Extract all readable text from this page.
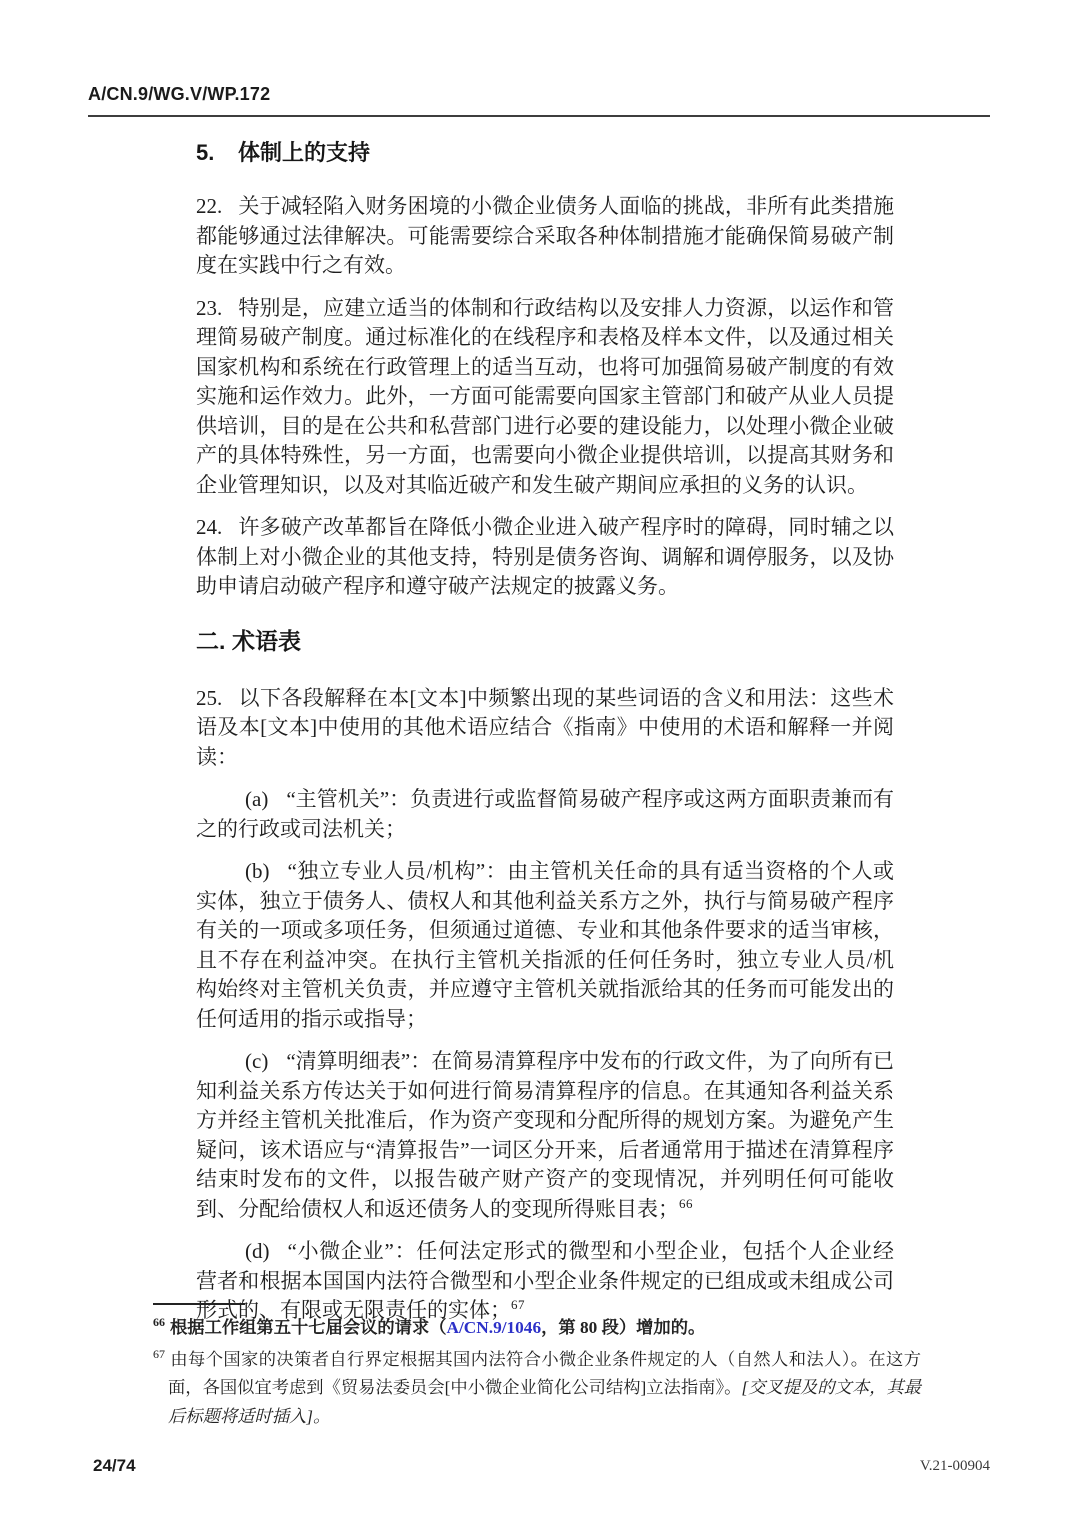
A/CN.9/WG.V/WP.172
5. 体制上的支持

22. 关于减轻陷入财务困境的小微企业债务人面临的挑战，非所有此类措施都能够通过法律解决。可能需要综合采取各种体制措施才能确保简易破产制度在实践中行之有效。

23. 特别是，应建立适当的体制和行政结构以及安排人力资源，以运作和管理简易破产制度。通过标准化的在线程序和表格及样本文件，以及通过相关国家机构和系统在行政管理上的适当互动，也将可加强简易破产制度的有效实施和运作效力。此外，一方面可能需要向国家主管部门和破产从业人员提供培训，目的是在公共和私营部门进行必要的建设能力，以处理小微企业破产的具体特殊性，另一方面，也需要向小微企业提供培训，以提高其财务和企业管理知识，以及对其临近破产和发生破产期间应承担的义务的认识。

24. 许多破产改革都旨在降低小微企业进入破产程序时的障碍，同时辅之以体制上对小微企业的其他支持，特别是债务咨询、调解和调停服务，以及协助申请启动破产程序和遵守破产法规定的披露义务。

二. 术语表

25. 以下各段解释在本[文本]中频繁出现的某些词语的含义和用法：这些术语及本[文本]中使用的其他术语应结合《指南》中使用的术语和解释一并阅读：

(a) “主管机关”：负责进行或监督简易破产程序或这两方面职责兼而有之的行政或司法机关；

(b) “独立专业人员/机构”：由主管机关任命的具有适当资格的个人或实体，独立于债务人、债权人和其他利益关系方之外，执行与简易破产程序有关的一项或多项任务，但须通过道德、专业和其他条件要求的适当审核，且不存在利益冲突。在执行主管机关指派的任何任务时，独立专业人员/机构始终对主管机关负责，并应遵守主管机关就指派给其的任务而可能发出的任何适用的指示或指导；

(c) “清算明细表”：在简易清算程序中发布的行政文件，为了向所有已知利益关系方传达关于如何进行简易清算程序的信息。在其通知各利益关系方并经主管机关批准后，作为资产变现和分配所得的规划方案。为避免产生疑问，该术语应与“清算报告”一词区分开来，后者通常用于描述在清算程序结束时发布的文件，以报告破产财产资产的变现情况，并列明任何可能收到、分配给债权人和返还债务人的变现所得账目表；$^{66}$

(d) “小微企业”：任何法定形式的微型和小型企业，包括个人企业经营者和根据本国国内法符合微型和小型企业条件规定的已组成或未组成公司形式的、有限或无限责任的实体；$^{67}$

$^{66}$ 根据工作组第五十七届会议的请求（A/CN.9/1046，第 80 段）增加的。

$^{67}$ 由每个国家的决策者自行界定根据其国内法符合小微企业条件规定的人（自然人和法人）。在这方面，各国似宜考虑到《贸易法委员会[中小微企业简化公司结构]立法指南》。[交叉提及的文本，其最后标题将适时插入]。

24/74	V.21-00904
